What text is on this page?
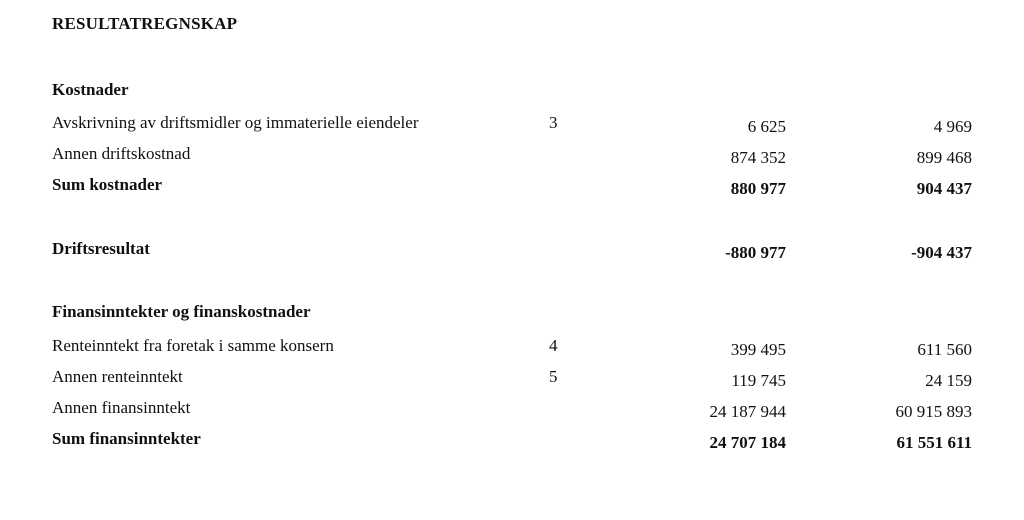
RESULTATREGNSKAP
Kostnader
Avskrivning av driftsmidler og immaterielle eiendeler	3	6 625	4 969
Annen driftskostnad	874 352	899 468
Sum kostnader	880 977	904 437
Driftsresultat	-880 977	-904 437
Finansinntekter og finanskostnader
Renteinntekt fra foretak i samme konsern	4	399 495	611 560
Annen renteinntekt	5	119 745	24 159
Annen finansinntekt	24 187 944	60 915 893
Sum finansinntekter	24 707 184	61 551 611
